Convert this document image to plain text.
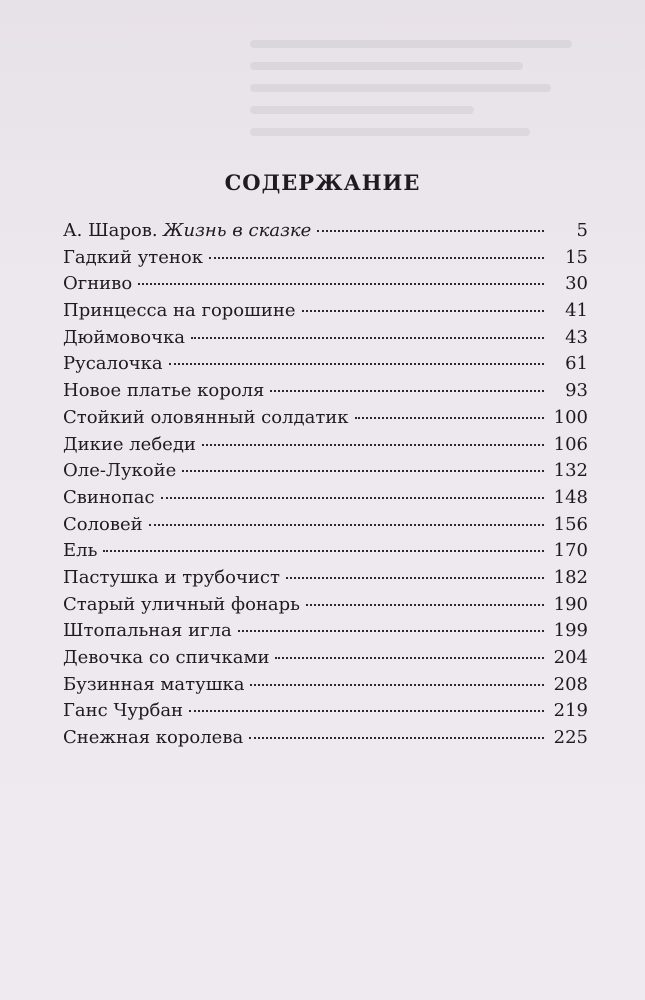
СОДЕРЖАНИЕ
А. Шаров. Жизнь в сказке	5
Гадкий утенок	15
Огниво	30
Принцесса на горошине	41
Дюймовочка	43
Русалочка	61
Новое платье короля	93
Стойкий оловянный солдатик	100
Дикие лебеди	106
Оле-Лукойе	132
Свинопас	148
Соловей	156
Ель	170
Пастушка и трубочист	182
Старый уличный фонарь	190
Штопальная игла	199
Девочка со спичками	204
Бузинная матушка	208
Ганс Чурбан	219
Снежная королева	225
